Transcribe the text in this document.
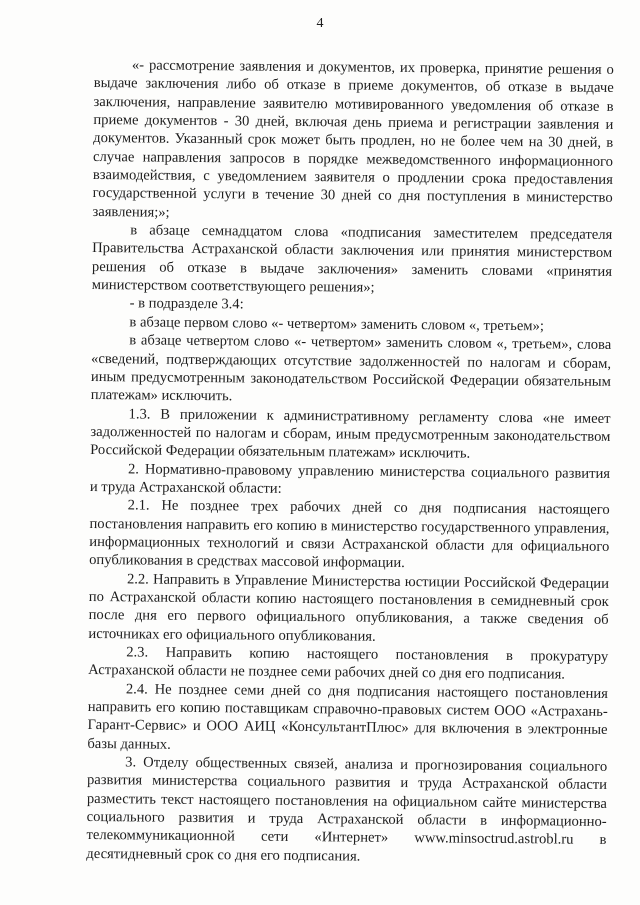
4

«- рассмотрение заявления и документов, их проверка, принятие решения о выдаче заключения либо об отказе в приеме документов, об отказе в выдаче заключения, направление заявителю мотивированного уведомления об отказе в приеме документов - 30 дней, включая день приема и регистрации заявления и документов. Указанный срок может быть продлен, но не более чем на 30 дней, в случае направления запросов в порядке межведомственного информационного взаимодействия, с уведомлением заявителя о продлении срока предоставления государственной услуги в течение 30 дней со дня поступления в министерство заявления;»;

в абзаце семнадцатом слова «подписания заместителем председателя Правительства Астраханской области заключения или принятия министерством решения об отказе в выдаче заключения» заменить словами «принятия министерством соответствующего решения»;

- в подразделе 3.4:

в абзаце первом слово «- четвертом» заменить словом «, третьем»;

в абзаце четвертом слово «- четвертом» заменить словом «, третьем», слова «сведений, подтверждающих отсутствие задолженностей по налогам и сборам, иным предусмотренным законодательством Российской Федерации обязательным платежам» исключить.

1.3. В приложении к административному регламенту слова «не имеет задолженностей по налогам и сборам, иным предусмотренным законодательством Российской Федерации обязательным платежам» исключить.

2. Нормативно-правовому управлению министерства социального развития и труда Астраханской области:

2.1. Не позднее трех рабочих дней со дня подписания настоящего постановления направить его копию в министерство государственного управления, информационных технологий и связи Астраханской области для официального опубликования в средствах массовой информации.

2.2. Направить в Управление Министерства юстиции Российской Федерации по Астраханской области копию настоящего постановления в семидневный срок после дня его первого официального опубликования, а также сведения об источниках его официального опубликования.

2.3. Направить копию настоящего постановления в прокуратуру Астраханской области не позднее семи рабочих дней со дня его подписания.

2.4. Не позднее семи дней со дня подписания настоящего постановления направить его копию поставщикам справочно-правовых систем ООО «Астрахань-Гарант-Сервис» и ООО АИЦ «КонсультантПлюс» для включения в электронные базы данных.

3. Отделу общественных связей, анализа и прогнозирования социального развития министерства социального развития и труда Астраханской области разместить текст настоящего постановления на официальном сайте министерства социального развития и труда Астраханской области в информационно-телекоммуникационной сети «Интернет» www.minsoctrud.astrobl.ru в десятидневный срок со дня его подписания.
